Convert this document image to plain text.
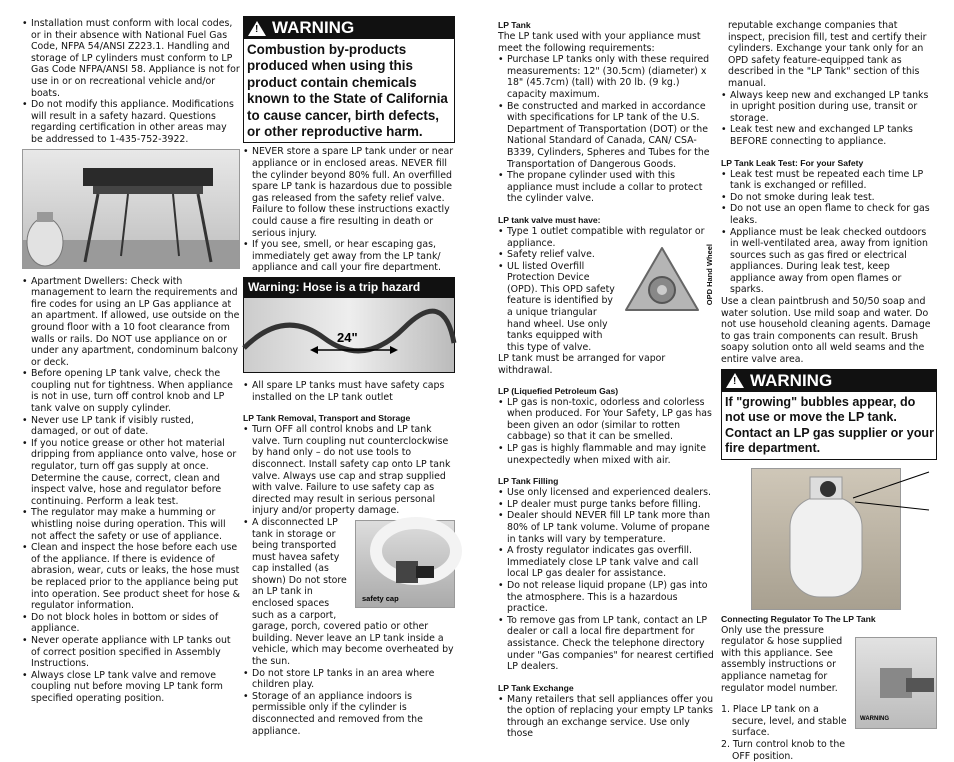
• Installation must conform with local codes, or in their absence with National Fuel Gas Code, NFPA 54/ANSI Z223.1. Handling and storage of LP cylinders must conform to LP Gas Code NFPA/ANSI 58. Appliance is not for use in or on recreational vehicle and/or boats.
• Do not modify this appliance. Modifications will result in a safety hazard. Questions regarding certification in other areas may be addressed to 1-435-752-3922.
• Apartment Dwellers: Check with management to learn the requirements and fire codes for using an LP Gas appliance at an apartment. If allowed, use outside on the ground floor with a 10 foot clearance from walls or rails. Do NOT use appliance on or under any apartment, condominum balcony or deck.
• Before opening LP tank valve, check the coupling nut for tightness. When appliance is not in use, turn off control knob and LP tank valve on supply cylinder.
• Never use LP tank if visibly rusted, damaged, or out of date.
• If you notice grease or other hot material dripping from appliance onto valve, hose or regulator, turn off gas supply at once. Determine the cause, correct, clean and inspect valve, hose and regulator before continuing. Perform a leak test.
• The regulator may make a humming or whistling noise during operation. This will not affect the safety or use of appliance.
• Clean and inspect the hose before each use of the appliance. If there is evidence of abrasion, wear, cuts or leaks, the hose must be replaced prior to the appliance being put into operation. See product sheet for hose & regulator information.
• Do not block holes in bottom or sides of appliance.
• Never operate appliance with LP tanks out of correct position specified in Assembly Instructions.
• Always close LP tank valve and remove coupling nut before moving LP tank form specified operating position.
! WARNING
Combustion by-products produced when using this product contain chemicals known to the State of California to cause cancer, birth defects, or other reproductive harm.
• NEVER store a spare LP tank under or near appliance or in enclosed areas. NEVER fill the cylinder beyond 80% full. An overfilled spare LP tank is hazardous due to possible gas released from the safety relief valve. Failure to follow these instructions exactly could cause a fire resulting in death or serious injury.
• If you see, smell, or hear escaping gas, immediately get away from the LP tank/ appliance and call your fire department.
Warning: Hose is a trip hazard
24"
• All spare LP tanks must have safety caps installed on the LP tank outlet
LP Tank Removal, Transport and Storage
• Turn OFF all control knobs and LP tank valve. Turn coupling nut counterclockwise by hand only – do not use tools to disconnect. Install safety cap onto LP tank valve. Always use cap and strap supplied with valve. Failure to use safety cap as directed may result in serious personal injury and/or property damage.
• safety cap
A disconnected LP tank in storage or being transported must havea safety cap installed (as shown) Do not store an LP tank in enclosed spaces such as a carport, garage, porch, covered patio or other building. Never leave an LP tank inside a vehicle, which may become overheated by the sun.
• Do not store LP tanks in an area where children play.
• Storage of an appliance indoors is permissible only if the cylinder is disconnected and removed from the appliance.
LP Tank
The LP tank used with your appliance must meet the following requirements:
• Purchase LP tanks only with these required measurements: 12" (30.5cm) (diameter) x 18" (45.7cm) (tall) with 20 lb. (9 kg.) capacity maximum.
• Be constructed and marked in accordance with specifications for LP tank of the U.S. Department of Transportation (DOT) or the National Standard of Canada, CAN/ CSA-B339, Cylinders, Spheres and Tubes for the Transportation of Dangerous Goods.
• The propane cylinder used with this appliance must include a collar to protect the cylinder valve.
LP tank valve must have:
OPD Hand Wheel
• Type 1 outlet compatible with regulator or appliance.
• Safety relief valve.
• UL listed Overfill Protection Device (OPD). This OPD safety feature is identified by a unique triangular hand wheel. Use only tanks equipped with this type of valve.
LP tank must be arranged for vapor withdrawal.
LP (Liquefied Petroleum Gas)
• LP gas is non-toxic, odorless and colorless when produced. For Your Safety, LP gas has been given an odor (similar to rotten cabbage) so that it can be smelled.
• LP gas is highly flammable and may ignite unexpectedly when mixed with air.
LP Tank Filling
• Use only licensed and experienced dealers.
• LP dealer must purge tanks before filling.
• Dealer should NEVER fill LP tank more than 80% of LP tank volume. Volume of propane in tanks will vary by temperature.
• A frosty regulator indicates gas overfill. Immediately close LP tank valve and call local LP gas dealer for assistance.
• Do not release liquid propane (LP) gas into the atmosphere. This is a hazardous practice.
• To remove gas from LP tank, contact an LP dealer or call a local fire department for assistance. Check the telephone directory under "Gas companies" for nearest certified LP dealers.
LP Tank Exchange
• Many retailers that sell appliances offer you the option of replacing your empty LP tanks through an exchange service. Use only those
reputable exchange companies that inspect, precision fill, test and certify their cylinders. Exchange your tank only for an OPD safety feature-equipped tank as described in the "LP Tank" section of this manual.
• Always keep new and exchanged LP tanks in upright position during use, transit or storage.
• Leak test new and exchanged LP tanks BEFORE connecting to appliance.
LP Tank Leak Test: For your Safety
• Leak test must be repeated each time LP tank is exchanged or refilled.
• Do not smoke during leak test.
• Do not use an open flame to check for gas leaks.
• Appliance must be leak checked outdoors in well-ventilated area, away from ignition sources such as gas fired or electrical appliances. During leak test, keep appliance away from open flames or sparks.
Use a clean paintbrush and 50/50 soap and water solution. Use mild soap and water. Do not use household cleaning agents. Damage to gas train components can result. Brush soapy solution onto all weld seams and the entire valve area.
! WARNING
If "growing" bubbles appear, do not use or move the LP tank. Contact an LP gas supplier or your fire department.
Connecting Regulator To The LP Tank
WARNING
Only use the pressure regulator & hose supplied with this appliance. See assembly instructions or appliance nametag for regulator model number.
1. Place LP tank on a secure, level, and stable surface.
2. Turn control knob to the OFF position.
